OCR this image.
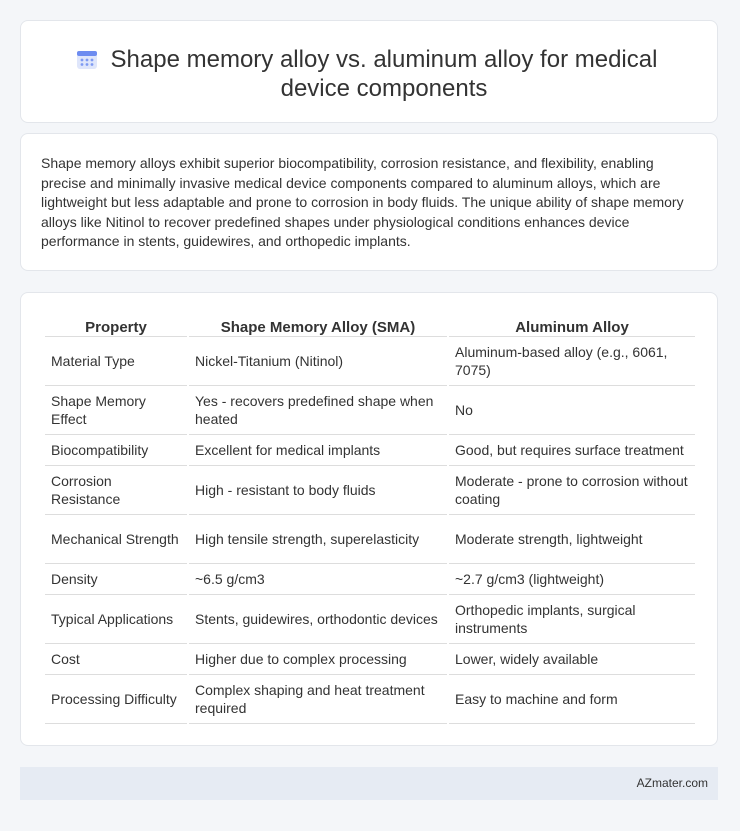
Shape memory alloy vs. aluminum alloy for medical device components

Shape memory alloys exhibit superior biocompatibility, corrosion resistance, and flexibility, enabling precise and minimally invasive medical device components compared to aluminum alloys, which are lightweight but less adaptable and prone to corrosion in body fluids. The unique ability of shape memory alloys like Nitinol to recover predefined shapes under physiological conditions enhances device performance in stents, guidewires, and orthopedic implants.

Property	Shape Memory Alloy (SMA)	Aluminum Alloy
Material Type	Nickel-Titanium (Nitinol)	Aluminum-based alloy (e.g., 6061, 7075)
Shape Memory Effect	Yes - recovers predefined shape when heated	No
Biocompatibility	Excellent for medical implants	Good, but requires surface treatment
Corrosion Resistance	High - resistant to body fluids	Moderate - prone to corrosion without coating
Mechanical Strength	High tensile strength, superelasticity	Moderate strength, lightweight
Density	~6.5 g/cm3	~2.7 g/cm3 (lightweight)
Typical Applications	Stents, guidewires, orthodontic devices	Orthopedic implants, surgical instruments
Cost	Higher due to complex processing	Lower, widely available
Processing Difficulty	Complex shaping and heat treatment required	Easy to machine and form
AZmater.com
